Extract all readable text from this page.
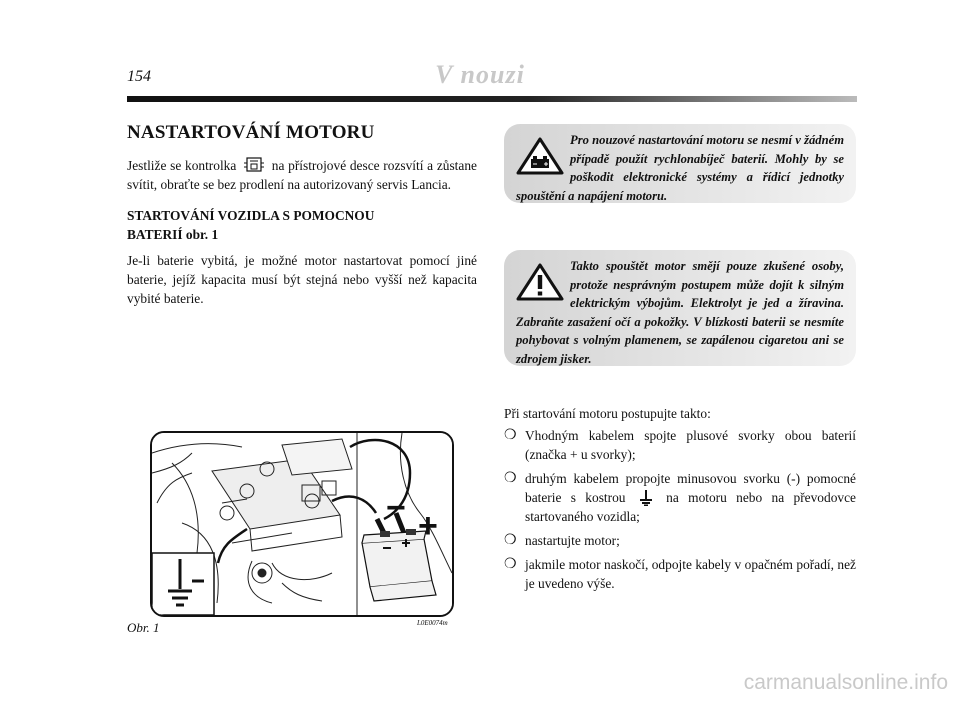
154	V nouzi
NASTARTOVÁNÍ MOTORU
Jestliže se kontrolka	na přístrojové desce rozsvítí a zůstane svítit, obraťte se bez prodlení na autorizovaný servis Lancia.
STARTOVÁNÍ VOZIDLA S POMOCNOU
BATERIÍ obr. 1
Je-li baterie vybitá, je možné motor nastartovat pomocí jiné baterie, jejíž kapacita musí být stejná nebo vyšší než kapacita vybité baterie.
Pro nouzové nastartování motoru se nesmí v žádném případě použít rychlonabíječ baterií. Mohly by se poškodit elektronické systémy a řídicí jednotky spouštění a napájení motoru.
Takto spouštět motor smějí pouze zkušené osoby, protože nesprávným postupem může dojít k silným elektrickým výbojům. Elektrolyt je jed a žíravina. Zabraňte zasažení očí a pokožky. V blízkosti baterii se nesmíte pohybovat s volným plamenem, se zapálenou cigaretou ani se zdrojem jisker.
− +
Obr. 1	L0E0074m
Při startování motoru postupujte takto:
❍ Vhodným kabelem spojte plusové svorky obou baterií (značka + u svorky);
❍ druhým kabelem propojte minusovou svorku (-) pomocné baterie s kostrou	na motoru nebo na převodovce startovaného vozidla;
❍ nastartujte motor;
❍ jakmile motor naskočí, odpojte kabely v opačném pořadí, než je uvedeno výše.
carmanualsonline.info
